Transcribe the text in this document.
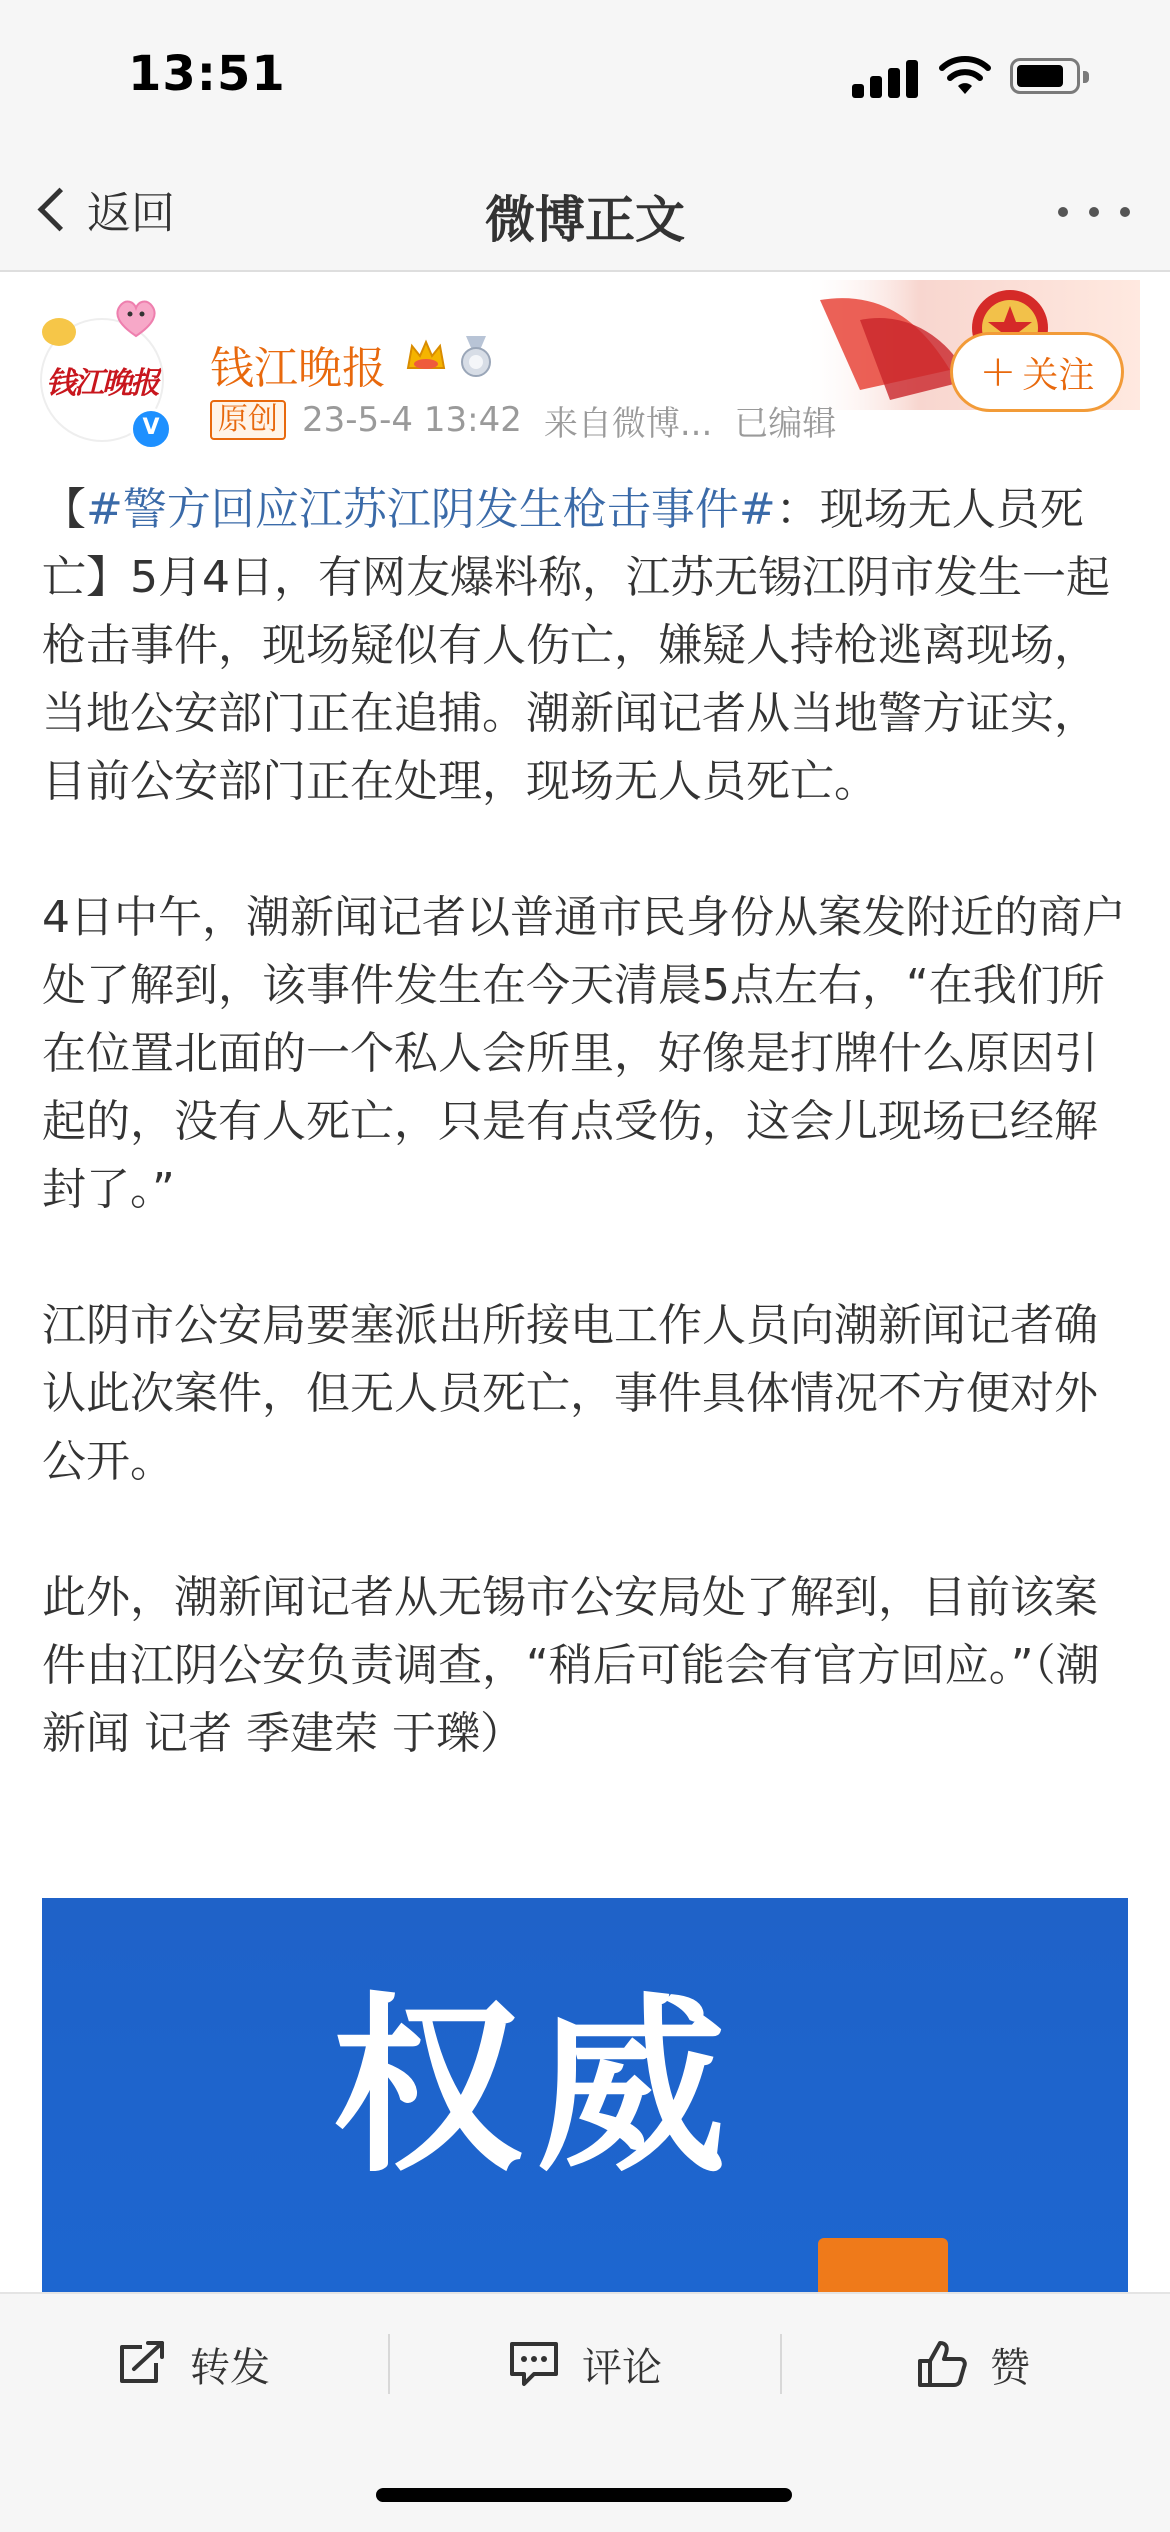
13:51
返回	微博正文
钱江晚报
V
钱江晚报
原创 23-5-4 13:42 来自微博... 已编辑
+ 关注

【#警方回应江苏江阴发生枪击事件#：现场无人员死亡】5月4日，有网友爆料称，江苏无锡江阴市发生一起枪击事件，现场疑似有人伤亡，嫌疑人持枪逃离现场，当地公安部门正在追捕。潮新闻记者从当地警方证实，目前公安部门正在处理，现场无人员死亡。

4日中午，潮新闻记者以普通市民身份从案发附近的商户处了解到，该事件发生在今天清晨5点左右，“在我们所在位置北面的一个私人会所里，好像是打牌什么原因引起的，没有人死亡，只是有点受伤，这会儿现场已经解封了。”

江阴市公安局要塞派出所接电工作人员向潮新闻记者确认此次案件，但无人员死亡，事件具体情况不方便对外公开。

此外，潮新闻记者从无锡市公安局处了解到，目前该案件由江阴公安负责调查，“稍后可能会有官方回应。”（潮新闻 记者 季建荣 于瓅）

权威
转发	评论	赞
